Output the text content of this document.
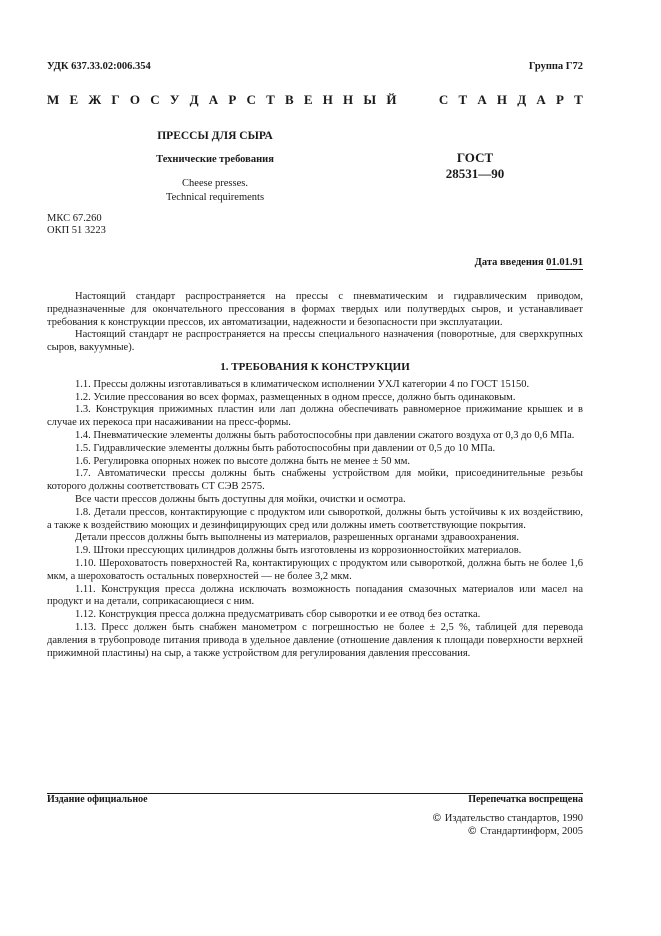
УДК 637.33.02:006.354	Группа Г72
М Е Ж Г О С У Д А Р С Т В Е Н Н Ы Й	С Т А Н Д А Р Т
ПРЕССЫ ДЛЯ СЫРА
Технические требования
Cheese presses.
Technical requirements
ГОСТ
28531—90
МКС 67.260
ОКП 51 3223
Дата введения 01.01.91

Настоящий стандарт распространяется на прессы с пневматическим и гидравлическим приводом, предназначенные для окончательного прессования в формах твердых или полутвердых сыров, и устанавливает требования к конструкции прессов, их автоматизации, надежности и безопасности при эксплуатации.

Настоящий стандарт не распространяется на прессы специального назначения (поворотные, для сверхкрупных сыров, вакуумные).

1. ТРЕБОВАНИЯ К КОНСТРУКЦИИ

1.1. Прессы должны изготавливаться в климатическом исполнении УХЛ категории 4 по ГОСТ 15150.

1.2. Усилие прессования во всех формах, размещенных в одном прессе, должно быть одинаковым.

1.3. Конструкция прижимных пластин или лап должна обеспечивать равномерное прижимание крышек и в случае их перекоса при насаживании на пресс-формы.

1.4. Пневматические элементы должны быть работоспособны при давлении сжатого воздуха от 0,3 до 0,6 МПа.

1.5. Гидравлические элементы должны быть работоспособны при давлении от 0,5 до 10 МПа.

1.6. Регулировка опорных ножек по высоте должна быть не менее ± 50 мм.

1.7. Автоматически прессы должны быть снабжены устройством для мойки, присоединительные резьбы которого должны соответствовать СТ СЭВ 2575.

Все части прессов должны быть доступны для мойки, очистки и осмотра.

1.8. Детали прессов, контактирующие с продуктом или сывороткой, должны быть устойчивы к их воздействию, а также к воздействию моющих и дезинфицирующих сред или должны иметь соответствующие покрытия.

Детали прессов должны быть выполнены из материалов, разрешенных органами здравоохранения.

1.9. Штоки прессующих цилиндров должны быть изготовлены из коррозионностойких материалов.

1.10. Шероховатость поверхностей Ra, контактирующих с продуктом или сывороткой, должна быть не более 1,6 мкм, а шероховатость остальных поверхностей — не более 3,2 мкм.

1.11. Конструкция пресса должна исключать возможность попадания смазочных материалов или масел на продукт и на детали, соприкасающиеся с ним.

1.12. Конструкция пресса должна предусматривать сбор сыворотки и ее отвод без остатка.

1.13. Пресс должен быть снабжен манометром с погрешностью не более ± 2,5 %, таблицей для перевода давления в трубопроводе питания привода в удельное давление (отношение давления к площади поверхности верхней прижимной пластины) на сыр, а также устройством для регулирования давления прессования.

Издание официальное	Перепечатка воспрещена
© Издательство стандартов, 1990
© Стандартинформ, 2005
